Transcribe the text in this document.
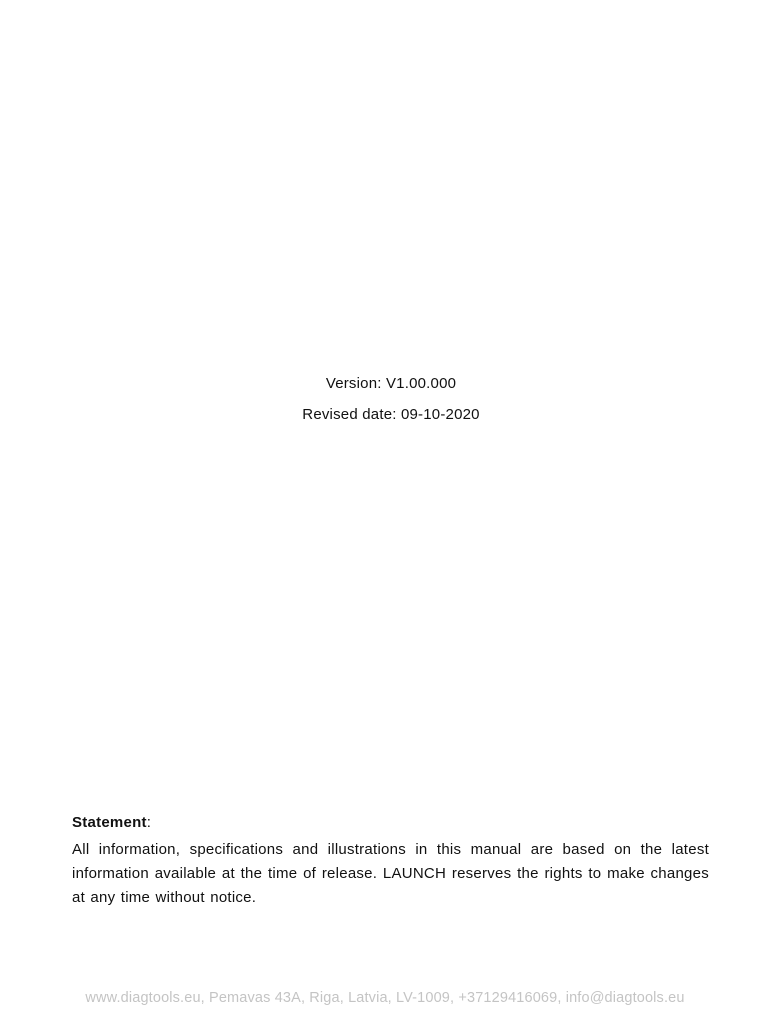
Version: V1.00.000
Revised date: 09-10-2020
Statement:
All information, specifications and illustrations in this manual are based on the latest information available at the time of release. LAUNCH reserves the rights to make changes at any time without notice.
www.diagtools.eu, Pemavas 43A, Riga, Latvia, LV-1009, +37129416069, info@diagtools.eu
